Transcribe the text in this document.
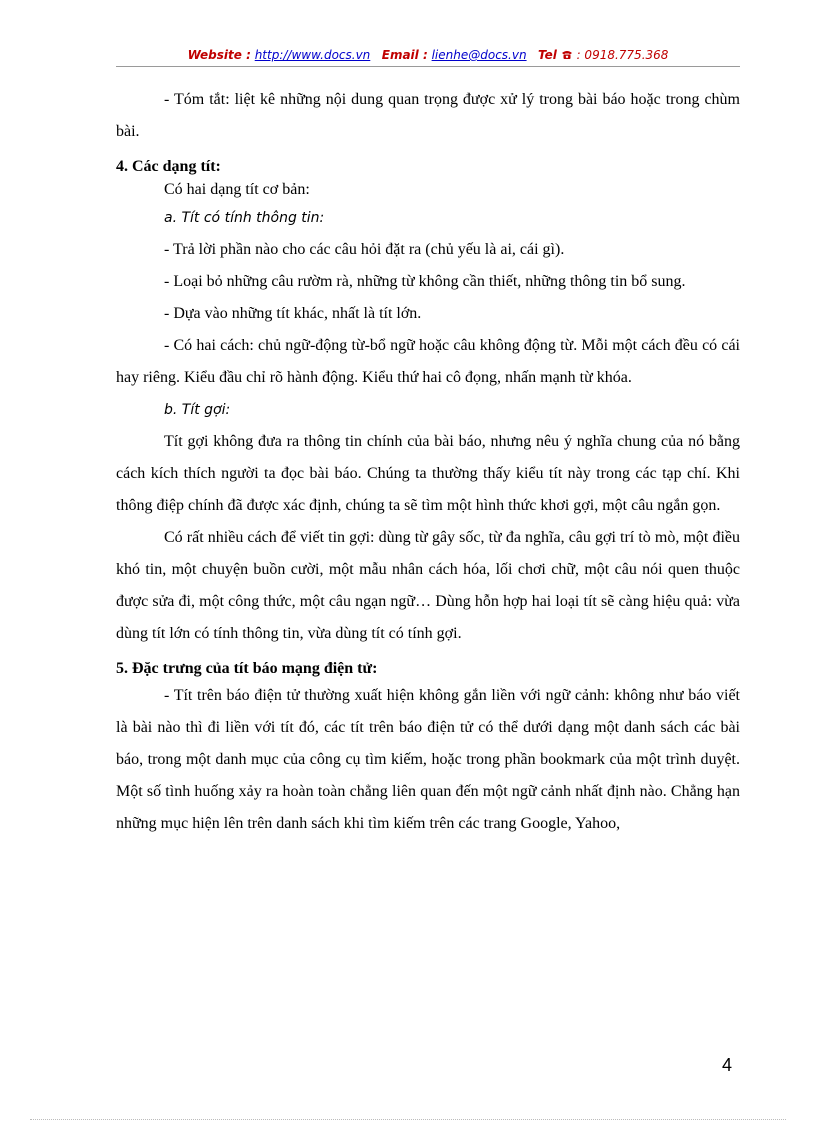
Website : http://www.docs.vn Email : lienhe@docs.vn Tel : 0918.775.368

- Tóm tắt: liệt kê những nội dung quan trọng được xử lý trong bài báo hoặc trong chùm bài.

4. Các dạng tít:

Có hai dạng tít cơ bản:

a. Tít có tính thông tin:

- Trả lời phần nào cho các câu hỏi đặt ra (chủ yếu là ai, cái gì).

- Loại bỏ những câu rườm rà, những từ không cần thiết, những thông tin bổ sung.

- Dựa vào những tít khác, nhất là tít lớn.

- Có hai cách: chủ ngữ-động từ-bổ ngữ hoặc câu không động từ. Mỗi một cách đều có cái hay riêng. Kiểu đầu chỉ rõ hành động. Kiểu thứ hai cô đọng, nhấn mạnh từ khóa.

b. Tít gợi:

Tít gợi không đưa ra thông tin chính của bài báo, nhưng nêu ý nghĩa chung của nó bằng cách kích thích người ta đọc bài báo. Chúng ta thường thấy kiểu tít này trong các tạp chí. Khi thông điệp chính đã được xác định, chúng ta sẽ tìm một hình thức khơi gợi, một câu ngắn gọn.

Có rất nhiều cách để viết tin gợi: dùng từ gây sốc, từ đa nghĩa, câu gợi trí tò mò, một điều khó tin, một chuyện buồn cười, một mẫu nhân cách hóa, lối chơi chữ, một câu nói quen thuộc được sửa đi, một công thức, một câu ngạn ngữ… Dùng hỗn hợp hai loại tít sẽ càng hiệu quả: vừa dùng tít lớn có tính thông tin, vừa dùng tít có tính gợi.

5. Đặc trưng của tít báo mạng điện tử:

- Tít trên báo điện tử thường xuất hiện không gắn liền với ngữ cảnh: không như báo viết là bài nào thì đi liền với tít đó, các tít trên báo điện tử có thể dưới dạng một danh sách các bài báo, trong một danh mục của công cụ tìm kiếm, hoặc trong phần bookmark của một trình duyệt. Một số tình huống xảy ra hoàn toàn chẳng liên quan đến một ngữ cảnh nhất định nào. Chẳng hạn những mục hiện lên trên danh sách khi tìm kiếm trên các trang Google, Yahoo,

4
